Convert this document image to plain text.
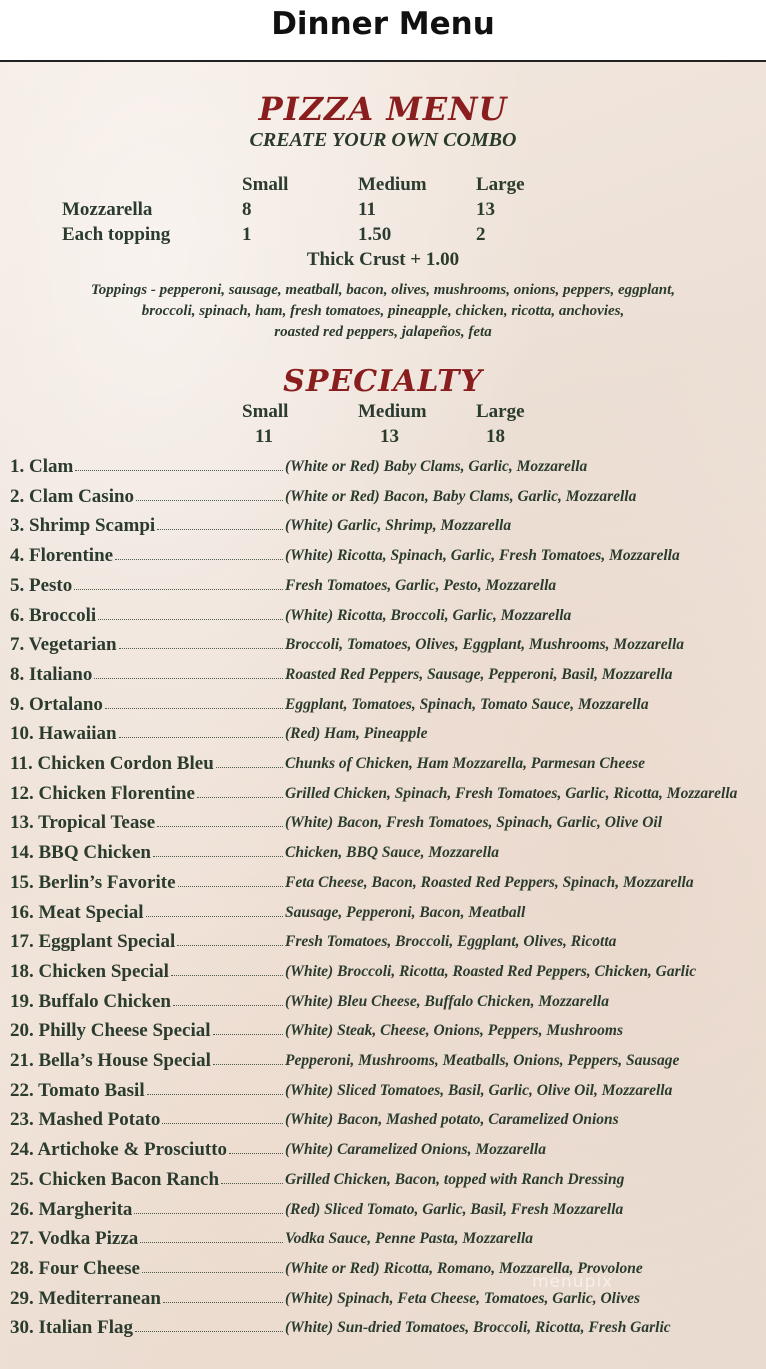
Dinner Menu
PIZZA MENU
CREATE YOUR OWN COMBO
Small	Medium	Large
Mozzarella	8	11	13
Each topping	1	1.50	2
Thick Crust + 1.00
Toppings - pepperoni, sausage, meatball, bacon, olives, mushrooms, onions, peppers, eggplant,
broccoli, spinach, ham, fresh tomatoes, pineapple, chicken, ricotta, anchovies,
roasted red peppers, jalapeños, feta
SPECIALTY
Small	Medium	Large
11	13	18
1. Clam	(White or Red) Baby Clams, Garlic, Mozzarella
2. Clam Casino	(White or Red) Bacon, Baby Clams, Garlic, Mozzarella
3. Shrimp Scampi	(White) Garlic, Shrimp, Mozzarella
4. Florentine	(White) Ricotta, Spinach, Garlic, Fresh Tomatoes, Mozzarella
5. Pesto	Fresh Tomatoes, Garlic, Pesto, Mozzarella
6. Broccoli	(White) Ricotta, Broccoli, Garlic, Mozzarella
7. Vegetarian	Broccoli, Tomatoes, Olives, Eggplant, Mushrooms, Mozzarella
8. Italiano	Roasted Red Peppers, Sausage, Pepperoni, Basil, Mozzarella
9. Ortalano	Eggplant, Tomatoes, Spinach, Tomato Sauce, Mozzarella
10. Hawaiian	(Red) Ham, Pineapple
11. Chicken Cordon Bleu	Chunks of Chicken, Ham Mozzarella, Parmesan Cheese
12. Chicken Florentine	Grilled Chicken, Spinach, Fresh Tomatoes, Garlic, Ricotta, Mozzarella
13. Tropical Tease	(White) Bacon, Fresh Tomatoes, Spinach, Garlic, Olive Oil
14. BBQ Chicken	Chicken, BBQ Sauce, Mozzarella
15. Berlin’s Favorite	Feta Cheese, Bacon, Roasted Red Peppers, Spinach, Mozzarella
16. Meat Special	Sausage, Pepperoni, Bacon, Meatball
17. Eggplant Special	Fresh Tomatoes, Broccoli, Eggplant, Olives, Ricotta
18. Chicken Special	(White) Broccoli, Ricotta, Roasted Red Peppers, Chicken, Garlic
19. Buffalo Chicken	(White) Bleu Cheese, Buffalo Chicken, Mozzarella
20. Philly Cheese Special	(White) Steak, Cheese, Onions, Peppers, Mushrooms
21. Bella’s House Special	Pepperoni, Mushrooms, Meatballs, Onions, Peppers, Sausage
22. Tomato Basil	(White) Sliced Tomatoes, Basil, Garlic, Olive Oil, Mozzarella
23. Mashed Potato	(White) Bacon, Mashed potato, Caramelized Onions
24. Artichoke & Prosciutto	(White) Caramelized Onions, Mozzarella
25. Chicken Bacon Ranch	Grilled Chicken, Bacon, topped with Ranch Dressing
26. Margherita	(Red) Sliced Tomato, Garlic, Basil, Fresh Mozzarella
27. Vodka Pizza	Vodka Sauce, Penne Pasta, Mozzarella
28. Four Cheese	(White or Red) Ricotta, Romano, Mozzarella, Provolone
29. Mediterranean	(White) Spinach, Feta Cheese, Tomatoes, Garlic, Olives
30. Italian Flag	(White) Sun-dried Tomatoes, Broccoli, Ricotta, Fresh Garlic
menupix
